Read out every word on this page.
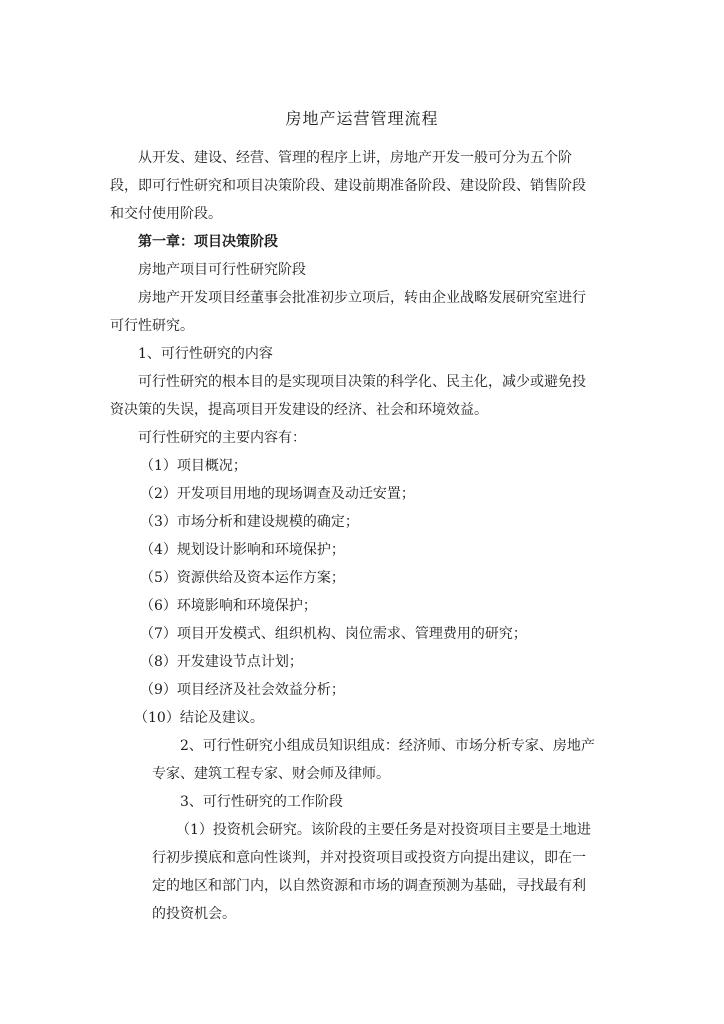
房地产运营管理流程

从开发、建设、经营、管理的程序上讲，房地产开发一般可分为五个阶

段，即可行性研究和项目决策阶段、建设前期准备阶段、建设阶段、销售阶段

和交付使用阶段。

第一章：项目决策阶段

房地产项目可行性研究阶段

房地产开发项目经董事会批准初步立项后，转由企业战略发展研究室进行

可行性研究。

1、可行性研究的内容

可行性研究的根本目的是实现项目决策的科学化、民主化，减少或避免投

资决策的失误，提高项目开发建设的经济、社会和环境效益。

可行性研究的主要内容有：

（1）项目概况；

（2）开发项目用地的现场调查及动迁安置；

（3）市场分析和建设规模的确定；

（4）规划设计影响和环境保护；

（5）资源供给及资本运作方案；

（6）环境影响和环境保护；

（7）项目开发模式、组织机构、岗位需求、管理费用的研究；

（8）开发建设节点计划；

（9）项目经济及社会效益分析；

（10）结论及建议。

2、可行性研究小组成员知识组成：经济师、市场分析专家、房地产

专家、建筑工程专家、财会师及律师。

3、可行性研究的工作阶段

（1）投资机会研究。该阶段的主要任务是对投资项目主要是土地进

行初步摸底和意向性谈判，并对投资项目或投资方向提出建议，即在一

定的地区和部门内，以自然资源和市场的调查预测为基础，寻找最有利

的投资机会。
